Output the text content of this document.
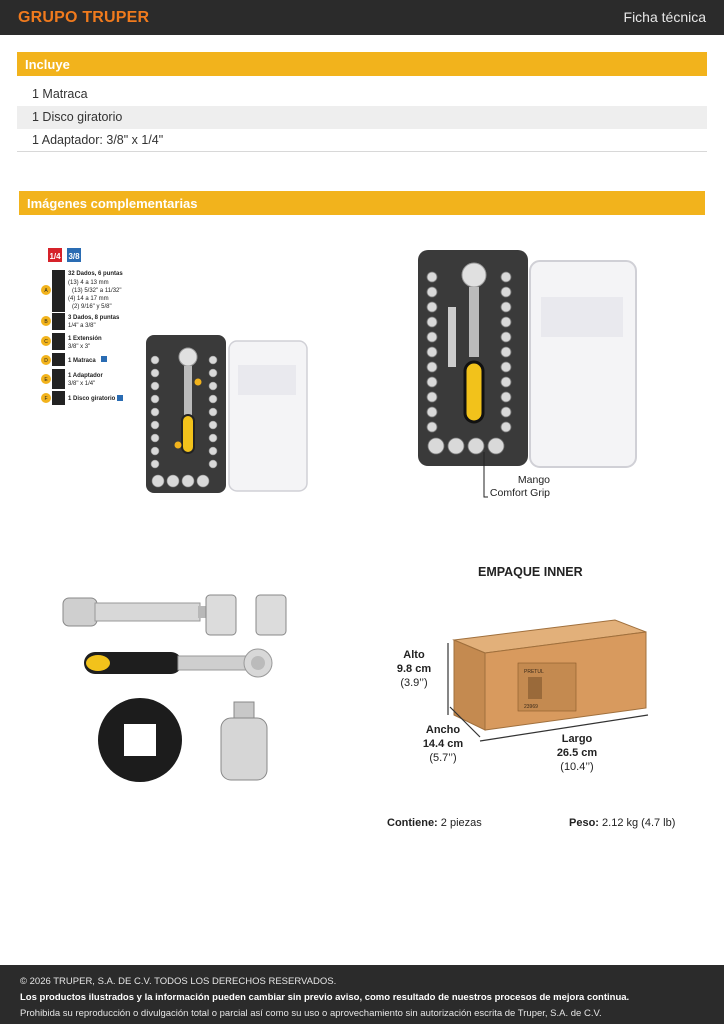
GRUPO TRUPER	Ficha técnica
Incluye
1 Matraca
1 Disco giratorio
1 Adaptador: 3/8" x 1/4"
Imágenes complementarias
1/4 3/8
A
32 Dados, 6 puntas
(13) 4 a 13 mm
(13) 5/32" a 11/32"
(4) 14 a 17 mm
(2) 9/16" y 5/8"
B
3 Dados, 8 puntas
1/4" a 3/8"
C	1 Extensión
3/8" x 3"
D	1 Matraca
E
1 Adaptador
3/8" x 1/4"
F	1 Disco giratorio
Mango
Comfort Grip
EMPAQUE INNER
PRETUL
23969
Alto
9.8 cm
(3.9’’)
Ancho
14.4 cm
(5.7’’)
Largo
26.5 cm
(10.4’’)
Contiene: 2 piezas	Peso: 2.12 kg (4.7 lb)
© 2026 TRUPER, S.A. DE C.V. TODOS LOS DERECHOS RESERVADOS.
Los productos ilustrados y la información pueden cambiar sin previo aviso, como resultado de nuestros procesos de mejora continua.
Prohibida su reproducción o divulgación total o parcial así como su uso o aprovechamiento sin autorización escrita de Truper, S.A. de C.V.
